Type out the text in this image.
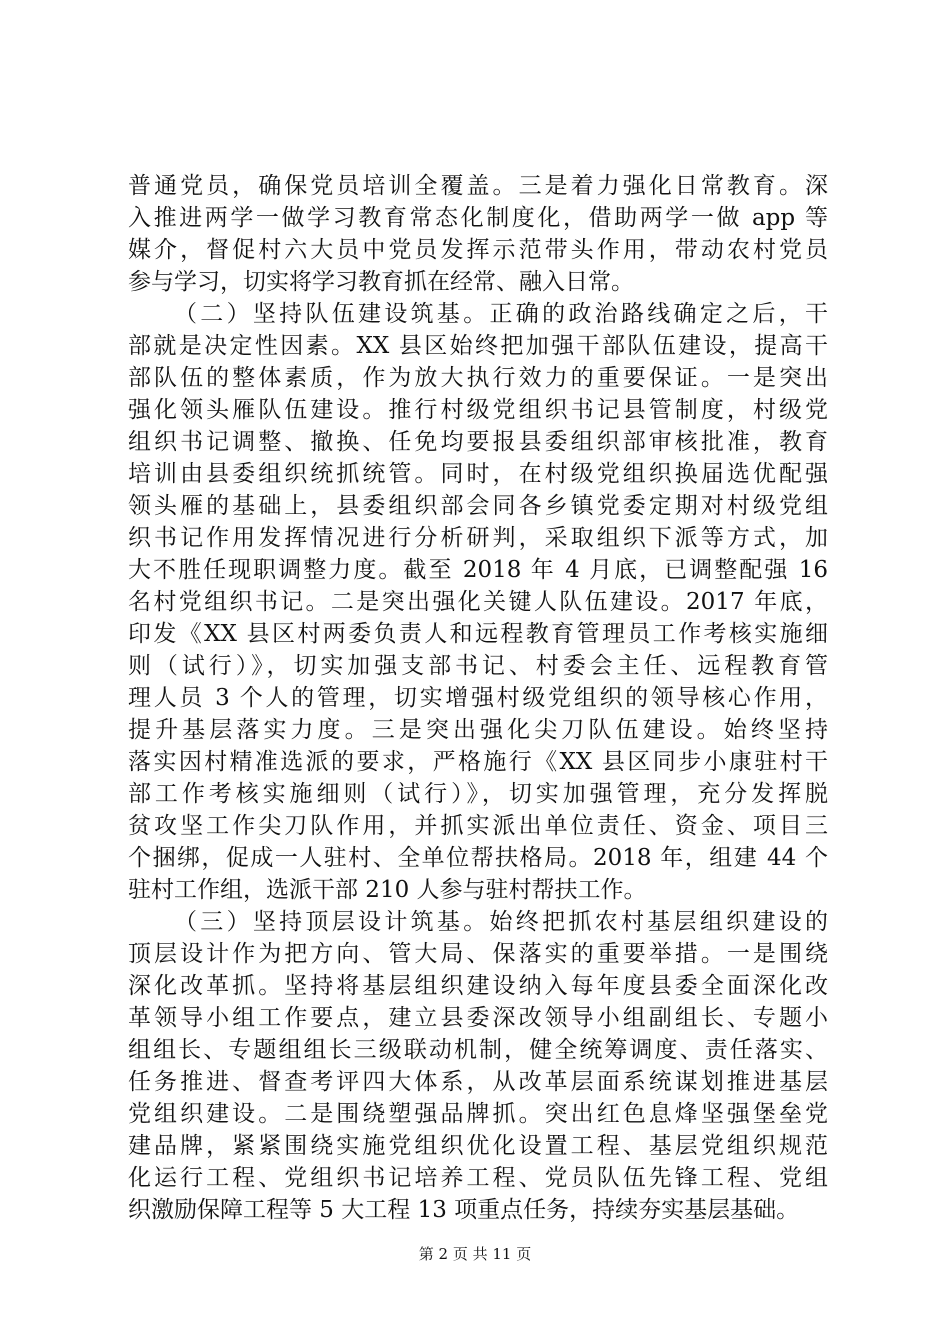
普通党员，确保党员培训全覆盖。三是着力强化日常教育。深
入推进两学一做学习教育常态化制度化，借助两学一做 app 等
媒介，督促村六大员中党员发挥示范带头作用，带动农村党员
参与学习，切实将学习教育抓在经常、融入日常。
（二）坚持队伍建设筑基。正确的政治路线确定之后，干
部就是决定性因素。XX 县区始终把加强干部队伍建设，提高干
部队伍的整体素质，作为放大执行效力的重要保证。一是突出
强化领头雁队伍建设。推行村级党组织书记县管制度，村级党
组织书记调整、撤换、任免均要报县委组织部审核批准，教育
培训由县委组织统抓统管。同时，在村级党组织换届选优配强
领头雁的基础上，县委组织部会同各乡镇党委定期对村级党组
织书记作用发挥情况进行分析研判，采取组织下派等方式，加
大不胜任现职调整力度。截至 2018 年 4 月底，已调整配强 16
名村党组织书记。二是突出强化关键人队伍建设。2017 年底，
印发《XX 县区村两委负责人和远程教育管理员工作考核实施细
则（试行）》，切实加强支部书记、村委会主任、远程教育管
理人员 3 个人的管理，切实增强村级党组织的领导核心作用，
提升基层落实力度。三是突出强化尖刀队伍建设。始终坚持
落实因村精准选派的要求，严格施行《XX 县区同步小康驻村干
部工作考核实施细则（试行）》，切实加强管理，充分发挥脱
贫攻坚工作尖刀队作用，并抓实派出单位责任、资金、项目三
个捆绑，促成一人驻村、全单位帮扶格局。2018 年，组建 44 个
驻村工作组，选派干部 210 人参与驻村帮扶工作。
（三）坚持顶层设计筑基。始终把抓农村基层组织建设的
顶层设计作为把方向、管大局、保落实的重要举措。一是围绕
深化改革抓。坚持将基层组织建设纳入每年度县委全面深化改
革领导小组工作要点，建立县委深改领导小组副组长、专题小
组组长、专题组组长三级联动机制，健全统筹调度、责任落实、
任务推进、督查考评四大体系，从改革层面系统谋划推进基层
党组织建设。二是围绕塑强品牌抓。突出红色息烽坚强堡垒党
建品牌，紧紧围绕实施党组织优化设置工程、基层党组织规范
化运行工程、党组织书记培养工程、党员队伍先锋工程、党组
织激励保障工程等 5 大工程 13 项重点任务，持续夯实基层基础。
第 2 页 共 11 页
